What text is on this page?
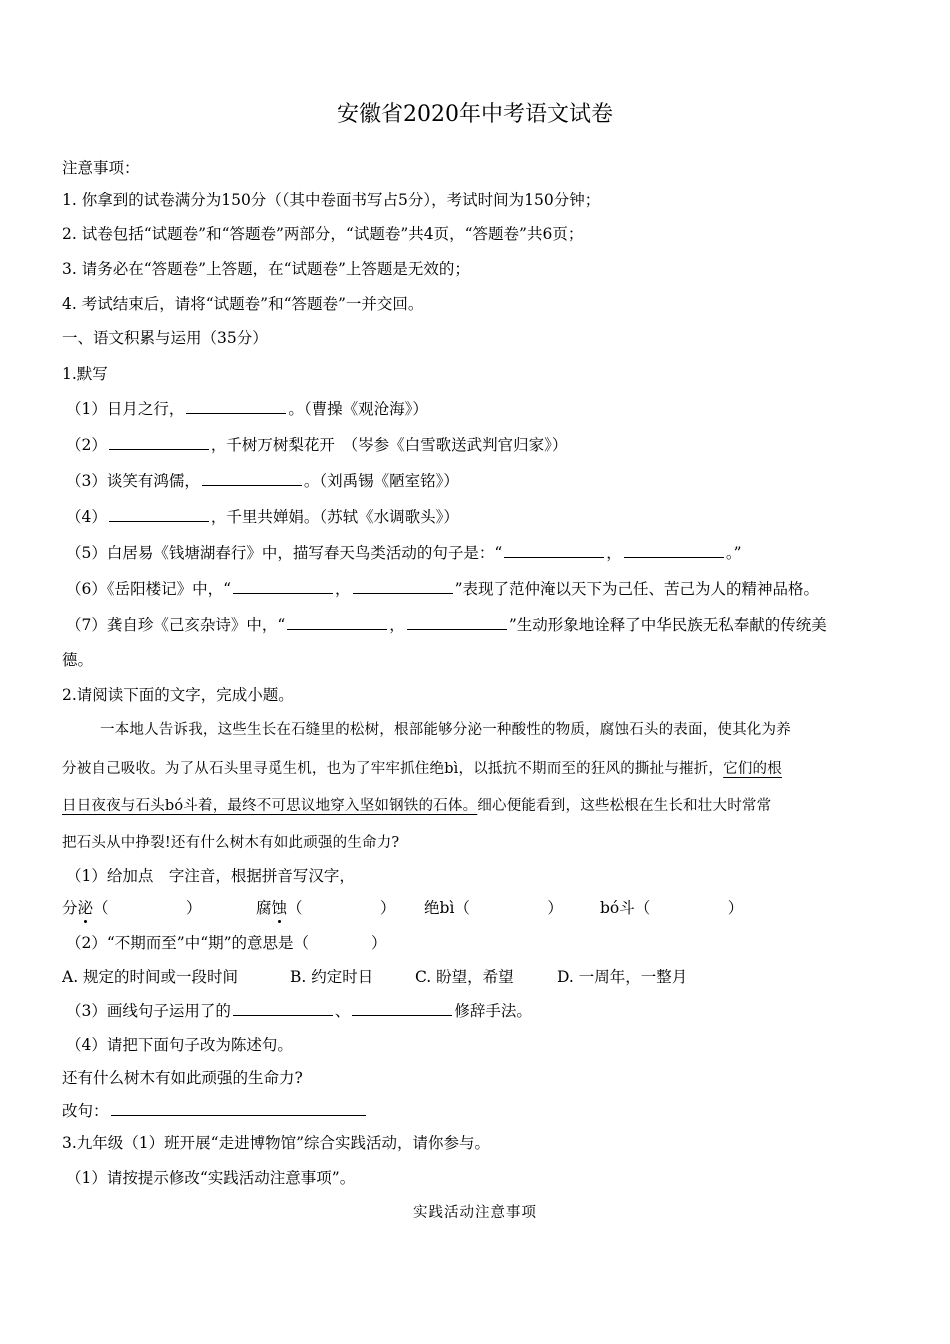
安徽省2020年中考语文试卷
注意事项：
1. 你拿到的试卷满分为150分（（其中卷面书写占5分），考试时间为150分钟；
2. 试卷包括“试题卷”和“答题卷”两部分，“试题卷”共4页，“答题卷”共6页；
3. 请务必在“答题卷”上答题，在“试题卷”上答题是无效的；
4. 考试结束后，请将“试题卷”和“答题卷”一并交回。
一、语文积累与运用（35分）
1.默写
（1）日月之行，	。（曹操《观沧海》）
（2）	，千树万树梨花开　（岑参《白雪歌送武判官归家》）
（3）谈笑有鸿儒，	。（刘禹锡《陋室铭》）
（4）	，千里共婵娟。（苏轼《水调歌头》）
（5）白居易《钱塘湖春行》中，描写春天鸟类活动的句子是：“	，	。”
（6）《岳阳楼记》中，“	，	”表现了范仲淹以天下为己任、苦己为人的精神品格。
（7）龚自珍《己亥杂诗》中，“	，	”生动形象地诠释了中华民族无私奉献的传统美
德。
2.请阅读下面的文字，完成小题。
一本地人告诉我，这些生长在石缝里的松树，根部能够分泌一种酸性的物质，腐蚀石头的表面，使其化为养
分被自己吸收。为了从石头里寻觅生机，也为了牢牢抓住绝bì，以抵抗不期而至的狂风的撕扯与摧折，它们的根
日日夜夜与石头bó斗着，最终不可思议地穿入坚如钢铁的石体。细心便能看到，这些松根在生长和壮大时常常
把石头从中挣裂!还有什么树木有如此顽强的生命力?
（1）给加点　字注音，根据拼音写汉字，
分泌（　　　　　）	腐蚀（　　　　　） 绝bì（　　　　　） bó斗（　　　　　）
（2）“不期而至”中“期”的意思是（　　　　）
A. 规定的时间或一段时间	B. 约定时日	C. 盼望，希望	D. 一周年，一整月
（3）画线句子运用了的	、	修辞手法。
（4）请把下面句子改为陈述句。
还有什么树木有如此顽强的生命力?
改句：
3.九年级（1）班开展“走进博物馆”综合实践活动，请你参与。
（1）请按提示修改“实践活动注意事项”。
实践活动注意事项
